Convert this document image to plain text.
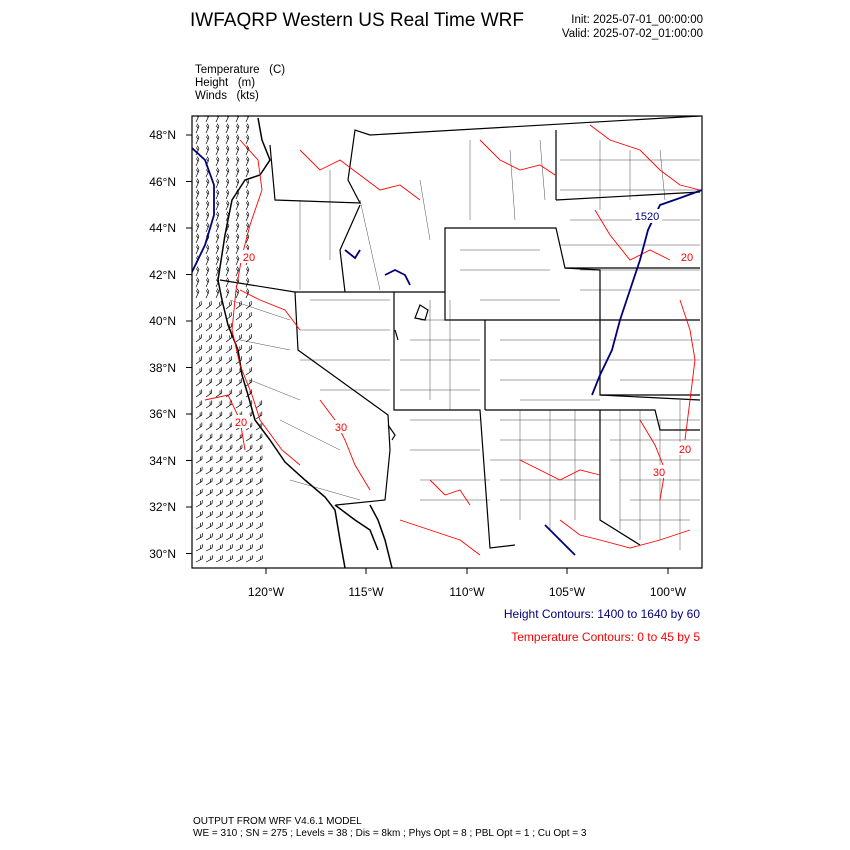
IWFAQRP Western US Real Time WRF	Init: 2025-07-01_00:00:00
Valid: 2025-07-02_01:00:00
Temperature   (C)
Height   (m)
Winds   (kts)
1520
20
20	30
20
30
20
48°N
46°N
44°N
42°N
40°N
38°N
36°N
34°N
32°N
30°N
120°W	115°W	110°W	105°W	100°W
Height Contours: 1400 to 1640 by 60
Temperature Contours: 0 to 45 by 5
OUTPUT FROM WRF V4.6.1 MODEL
WE = 310 ; SN = 275 ; Levels = 38 ; Dis = 8km ; Phys Opt = 8 ; PBL Opt = 1 ; Cu Opt = 3
